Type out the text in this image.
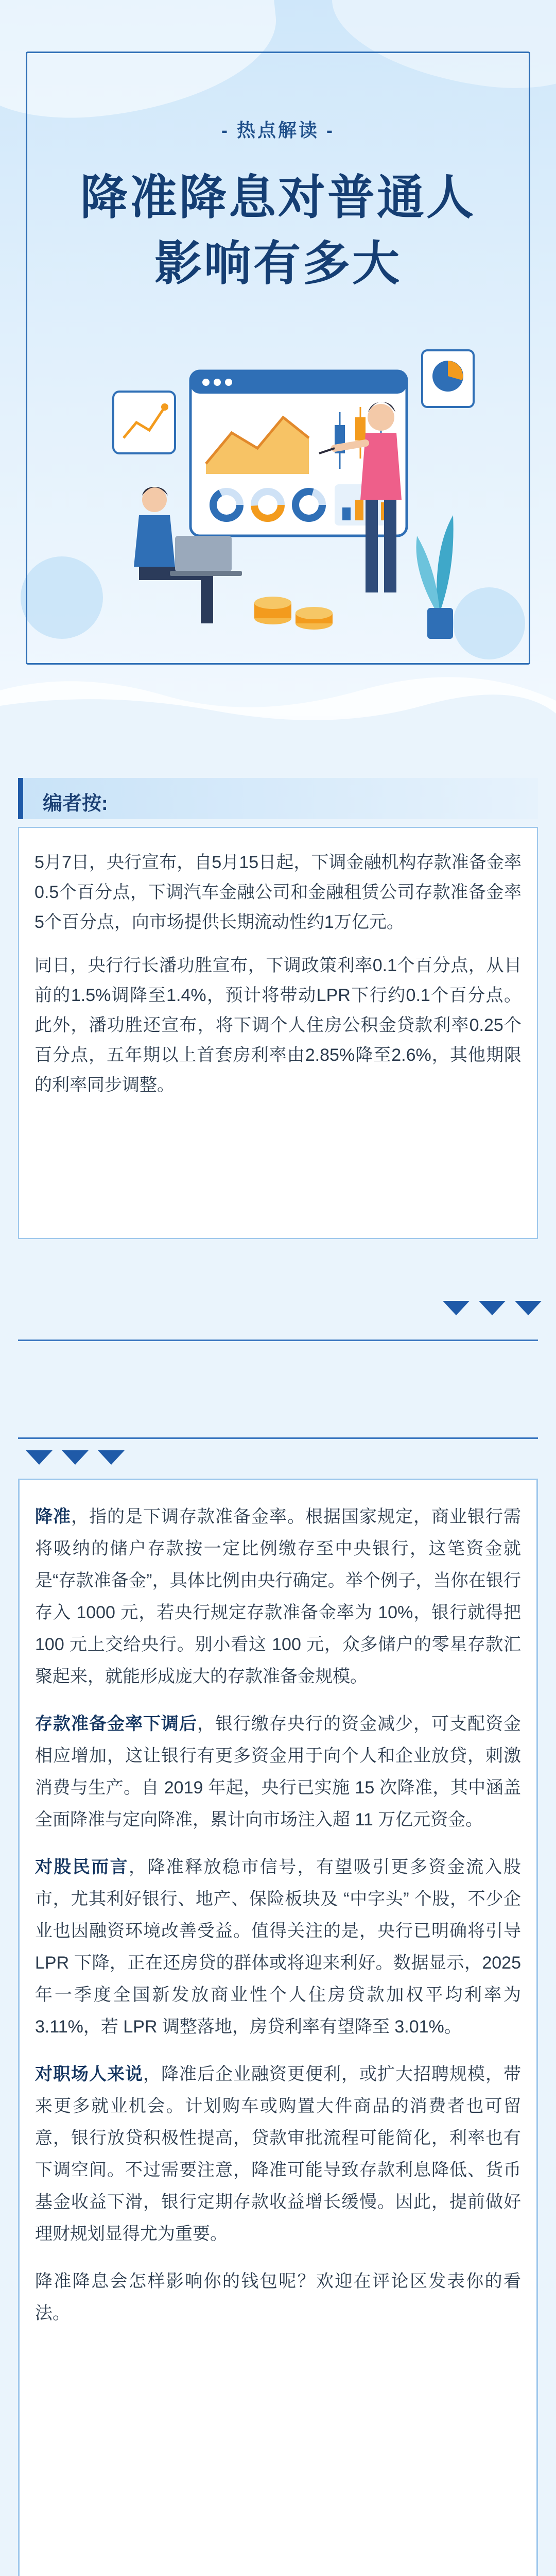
- 热点解读 -
降准降息对普通人
影响有多大
编者按:

5月7日，央行宣布，自5月15日起，下调金融机构存款准备金率0.5个百分点，下调汽车金融公司和金融租赁公司存款准备金率5个百分点，向市场提供长期流动性约1万亿元。

同日，央行行长潘功胜宣布，下调政策利率0.1个百分点，从目前的1.5%调降至1.4%，预计将带动LPR下行约0.1个百分点。此外，潘功胜还宣布，将下调个人住房公积金贷款利率0.25个百分点，五年期以上首套房利率由2.85%降至2.6%，其他期限的利率同步调整。

降准，指的是下调存款准备金率。根据国家规定，商业银行需将吸纳的储户存款按一定比例缴存至中央银行，这笔资金就是“存款准备金”，具体比例由央行确定。举个例子，当你在银行存入 1000 元，若央行规定存款准备金率为 10%，银行就得把 100 元上交给央行。别小看这 100 元，众多储户的零星存款汇聚起来，就能形成庞大的存款准备金规模。

存款准备金率下调后，银行缴存央行的资金减少，可支配资金相应增加，这让银行有更多资金用于向个人和企业放贷，刺激消费与生产。自 2019 年起，央行已实施 15 次降准，其中涵盖全面降准与定向降准，累计向市场注入超 11 万亿元资金。

对股民而言，降准释放稳市信号，有望吸引更多资金流入股市，尤其利好银行、地产、保险板块及 “中字头” 个股，不少企业也因融资环境改善受益。值得关注的是，央行已明确将引导 LPR 下降，正在还房贷的群体或将迎来利好。数据显示，2025 年一季度全国新发放商业性个人住房贷款加权平均利率为 3.11%，若 LPR 调整落地，房贷利率有望降至 3.01%。

对职场人来说，降准后企业融资更便利，或扩大招聘规模，带来更多就业机会。计划购车或购置大件商品的消费者也可留意，银行放贷积极性提高，贷款审批流程可能简化，利率也有下调空间。不过需要注意，降准可能导致存款利息降低、货币基金收益下滑，银行定期存款收益增长缓慢。因此，提前做好理财规划显得尤为重要。

降准降息会怎样影响你的钱包呢？欢迎在评论区发表你的看法。
